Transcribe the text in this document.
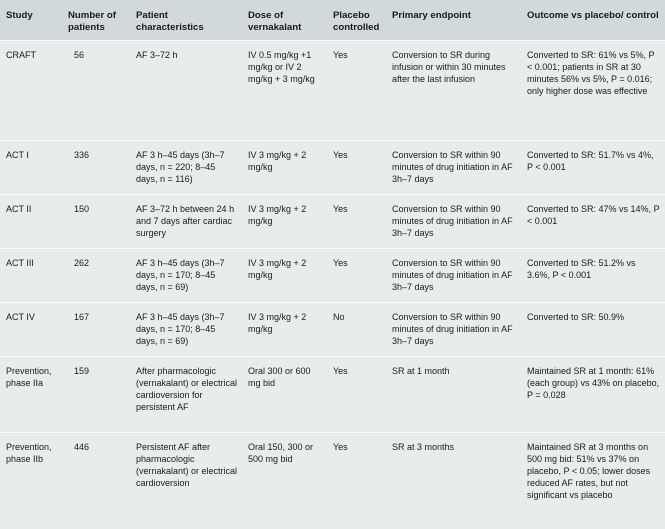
Study	Number of patients	Patient characteristics	Dose of vernakalant	Placebo controlled	Primary endpoint	Outcome vs placebo/ control
CRAFT	56	AF 3–72 h	IV 0.5 mg/kg +1 mg/kg or IV 2 mg/kg + 3 mg/kg	Yes	Conversion to SR during infusion or within 30 minutes after the last infusion	Converted to SR: 61% vs 5%, P < 0.001; patients in SR at 30 minutes 56% vs 5%, P = 0.016; only higher dose was effective
ACT I	336	AF 3 h–45 days (3h–7 days, n = 220; 8–45 days, n = 116)	IV 3 mg/kg + 2 mg/kg	Yes	Conversion to SR within 90 minutes of drug initiation in AF 3h–7 days	Converted to SR: 51.7% vs 4%, P < 0.001
ACT II	150	AF 3–72 h between 24 h and 7 days after cardiac surgery	IV 3 mg/kg + 2 mg/kg	Yes	Conversion to SR within 90 minutes of drug initiation in AF 3h–7 days	Converted to SR: 47% vs 14%, P < 0.001
ACT III	262	AF 3 h–45 days (3h–7 days, n = 170; 8–45 days, n = 69)	IV 3 mg/kg + 2 mg/kg	Yes	Conversion to SR within 90 minutes of drug initiation in AF 3h–7 days	Converted to SR: 51.2% vs 3.6%, P < 0.001
ACT IV	167	AF 3 h–45 days (3h–7 days, n = 170; 8–45 days, n = 69)	IV 3 mg/kg + 2 mg/kg	No	Conversion to SR within 90 minutes of drug initiation in AF 3h–7 days	Converted to SR: 50.9%
Prevention, phase IIa	159	After pharmacologic (vernakalant) or electrical cardioversion for persistent AF	Oral 300 or 600 mg bid	Yes	SR at 1 month	Maintained SR at 1 month: 61% (each group) vs 43% on placebo, P = 0.028
Prevention, phase IIb	446	Persistent AF after pharmacologic (vernakalant) or electrical cardioversion	Oral 150, 300 or 500 mg bid	Yes	SR at 3 months	Maintained SR at 3 months on 500 mg bid: 51% vs 37% on placebo, P < 0.05; lower doses reduced AF rates, but not significant vs placebo
